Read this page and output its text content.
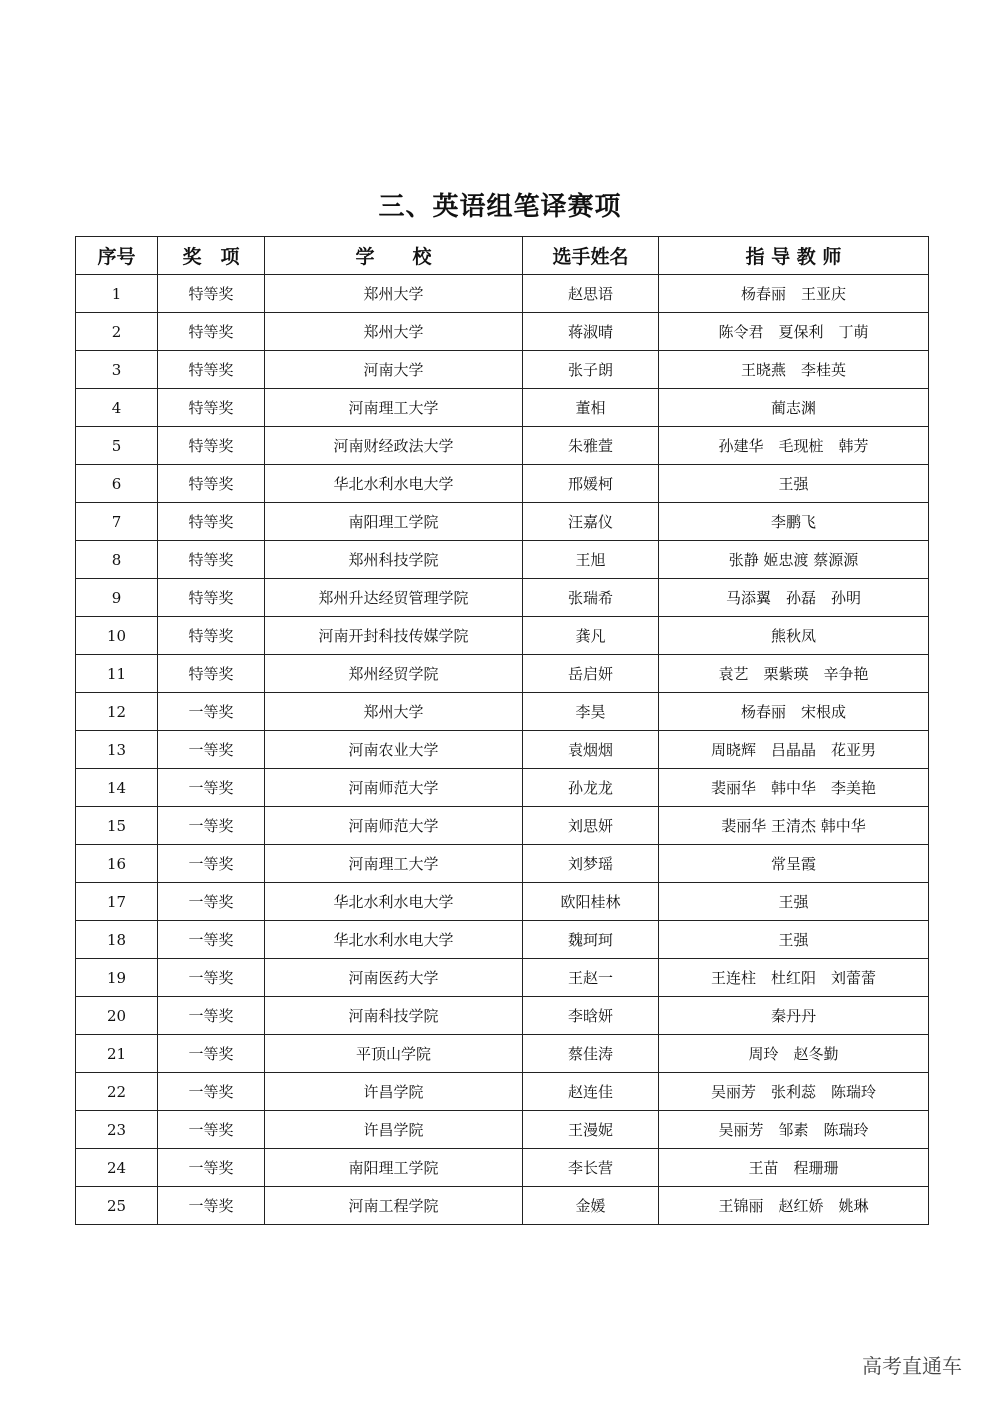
三、英语组笔译赛项
序号	奖　项	学　　校	选手姓名	指 导 教 师
1	特等奖	郑州大学	赵思语	杨春丽　王亚庆
2	特等奖	郑州大学	蒋淑晴	陈令君　夏保利　丁萌
3	特等奖	河南大学	张子朗	王晓燕　李桂英
4	特等奖	河南理工大学	董相	蔺志渊
5	特等奖	河南财经政法大学	朱雅萱	孙建华　毛现桩　韩芳
6	特等奖	华北水利水电大学	邢媛柯	王强
7	特等奖	南阳理工学院	汪嘉仪	李鹏飞
8	特等奖	郑州科技学院	王旭	张静 姬忠渡 蔡源源
9	特等奖	郑州升达经贸管理学院	张瑞希	马添翼　孙磊　孙明
10	特等奖	河南开封科技传媒学院	龚凡	熊秋凤
11	特等奖	郑州经贸学院	岳启妍	袁艺　栗紫瑛　辛争艳
12	一等奖	郑州大学	李昊	杨春丽　宋根成
13	一等奖	河南农业大学	袁烟烟	周晓辉　吕晶晶　花亚男
14	一等奖	河南师范大学	孙龙龙	裴丽华　韩中华　李美艳
15	一等奖	河南师范大学	刘思妍	裴丽华 王清杰 韩中华
16	一等奖	河南理工大学	刘梦瑶	常呈霞
17	一等奖	华北水利水电大学	欧阳桂林	王强
18	一等奖	华北水利水电大学	魏珂珂	王强
19	一等奖	河南医药大学	王赵一	王连柱　杜红阳　刘蕾蕾
20	一等奖	河南科技学院	李晗妍	秦丹丹
21	一等奖	平顶山学院	蔡佳涛	周玲　赵冬勤
22	一等奖	许昌学院	赵连佳	吴丽芳　张利蕊　陈瑞玲
23	一等奖	许昌学院	王漫妮	吴丽芳　邹素　陈瑞玲
24	一等奖	南阳理工学院	李长营	王苗　程珊珊
25	一等奖	河南工程学院	金媛	王锦丽　赵红娇　姚琳
高考直通车
